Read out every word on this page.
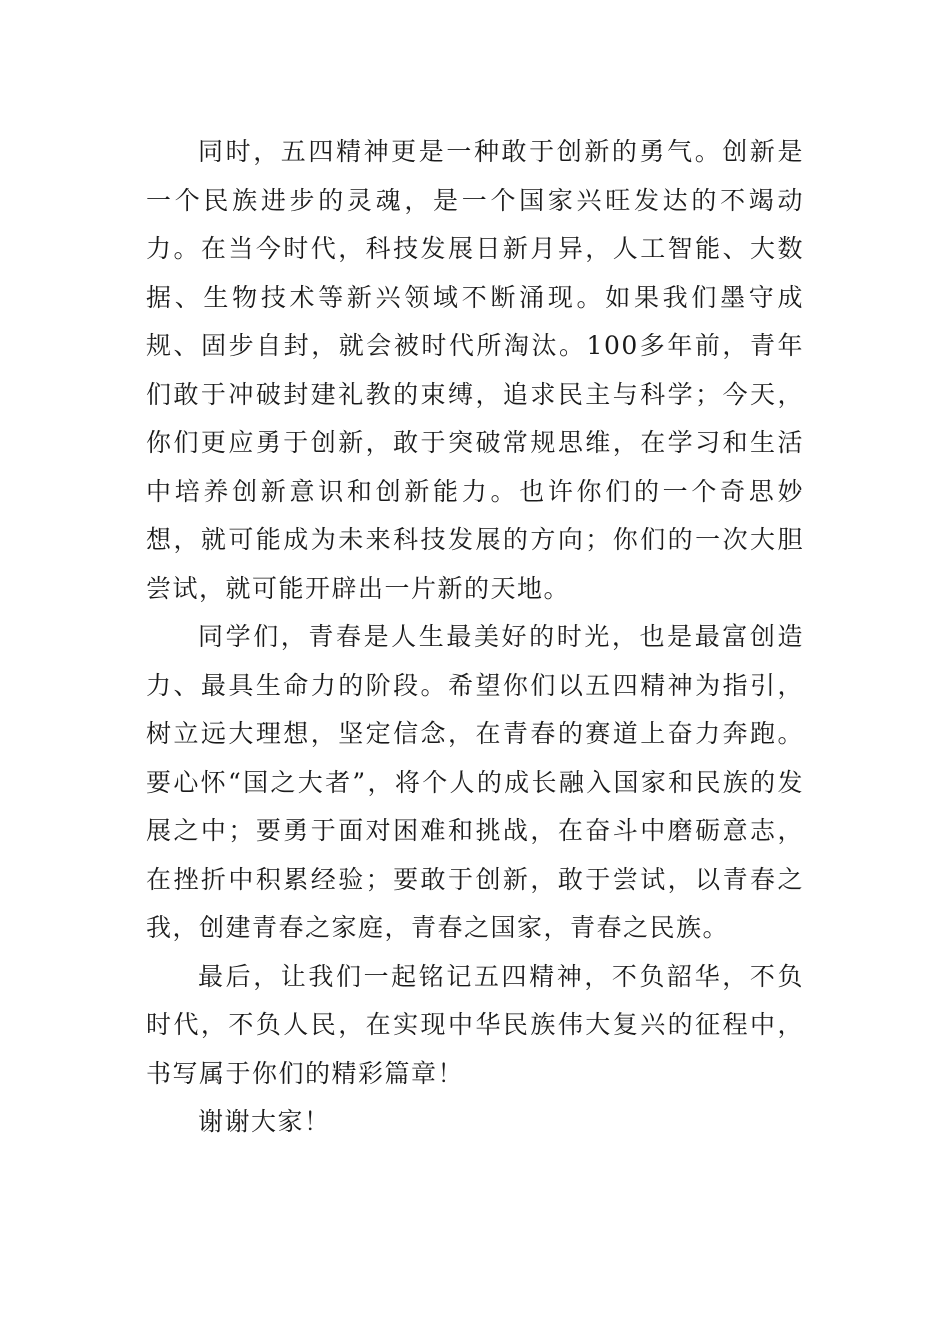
同时，五四精神更是一种敢于创新的勇气。创新是一个民族进步的灵魂，是一个国家兴旺发达的不竭动力。在当今时代，科技发展日新月异，人工智能、大数据、生物技术等新兴领域不断涌现。如果我们墨守成规、固步自封，就会被时代所淘汰。100多年前，青年们敢于冲破封建礼教的束缚，追求民主与科学；今天，你们更应勇于创新，敢于突破常规思维，在学习和生活中培养创新意识和创新能力。也许你们的一个奇思妙想，就可能成为未来科技发展的方向；你们的一次大胆尝试，就可能开辟出一片新的天地。

同学们，青春是人生最美好的时光，也是最富创造力、最具生命力的阶段。希望你们以五四精神为指引，树立远大理想，坚定信念，在青春的赛道上奋力奔跑。要心怀“国之大者”，将个人的成长融入国家和民族的发展之中；要勇于面对困难和挑战，在奋斗中磨砺意志，在挫折中积累经验；要敢于创新，敢于尝试，以青春之我，创建青春之家庭，青春之国家，青春之民族。

最后，让我们一起铭记五四精神，不负韶华，不负时代，不负人民，在实现中华民族伟大复兴的征程中，书写属于你们的精彩篇章！

谢谢大家！
